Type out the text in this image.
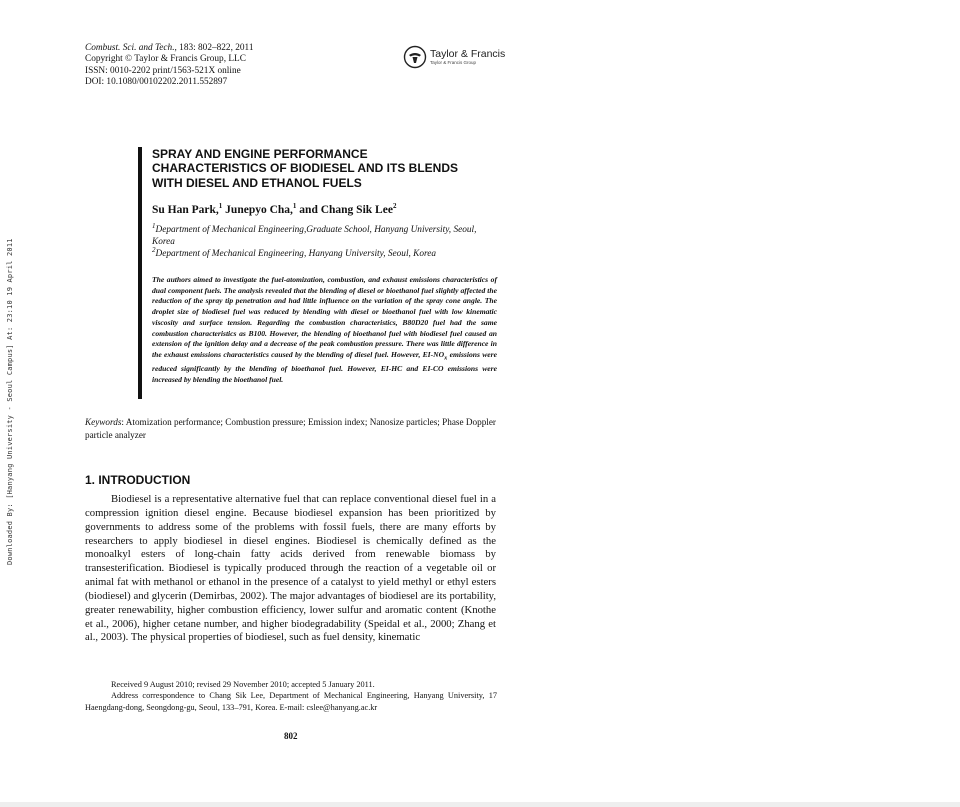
Downloaded By: [Hanyang University - Seoul Campus] At: 23:10 19 April 2011
Combust. Sci. and Tech., 183: 802–822, 2011
Copyright © Taylor & Francis Group, LLC
ISSN: 0010-2202 print/1563-521X online
DOI: 10.1080/00102202.2011.552897
Taylor & Francis
Taylor & Francis Group
SPRAY AND ENGINE PERFORMANCE
CHARACTERISTICS OF BIODIESEL AND ITS BLENDS
WITH DIESEL AND ETHANOL FUELS
Su Han Park,$^1$ Junepyo Cha,$^1$ and Chang Sik Lee$^2$
$^1$Department of Mechanical Engineering,Graduate School, Hanyang University, Seoul, Korea
$^2$Department of Mechanical Engineering, Hanyang University, Seoul, Korea
The authors aimed to investigate the fuel-atomization, combustion, and exhaust emissions characteristics of dual component fuels. The analysis revealed that the blending of diesel or bioethanol fuel slightly affected the reduction of the spray tip penetration and had little influence on the variation of the spray cone angle. The droplet size of biodiesel fuel was reduced by blending with diesel or bioethanol fuel with low kinematic viscosity and surface tension. Regarding the combustion characteristics, B80D20 fuel had the same combustion characteristics as B100. However, the blending of bioethanol fuel with biodiesel fuel caused an extension of the ignition delay and a decrease of the peak combustion pressure. There was little difference in the exhaust emissions characteristics caused by the blending of diesel fuel. However, $EI-NO_x$ emissions were reduced significantly by the blending of bioethanol fuel. However, EI-HC and EI-CO emissions were increased by blending the bioethanol fuel.
Keywords: Atomization performance; Combustion pressure; Emission index; Nanosize particles; Phase Doppler particle analyzer
1. INTRODUCTION

Biodiesel is a representative alternative fuel that can replace conventional diesel fuel in a compression ignition diesel engine. Because biodiesel expansion has been prioritized by governments to address some of the problems with fossil fuels, there are many efforts by researchers to apply biodiesel in diesel engines. Biodiesel is chemically defined as the monoalkyl esters of long-chain fatty acids derived from renewable biomass by transesterification. Biodiesel is typically produced through the reaction of a vegetable oil or animal fat with methanol or ethanol in the presence of a catalyst to yield methyl or ethyl esters (biodiesel) and glycerin (Demirbas, 2002). The major advantages of biodiesel are its portability, greater renewability, higher combustion efficiency, lower sulfur and aromatic content (Knothe et al., 2006), higher cetane number, and higher biodegradability (Speidal et al., 2000; Zhang et al., 2003). The physical properties of biodiesel, such as fuel density, kinematic

Received 9 August 2010; revised 29 November 2010; accepted 5 January 2011.

Address correspondence to Chang Sik Lee, Department of Mechanical Engineering, Hanyang University, 17 Haengdang-dong, Seongdong-gu, Seoul, 133–791, Korea. E-mail: cslee@hanyang.ac.kr

802
